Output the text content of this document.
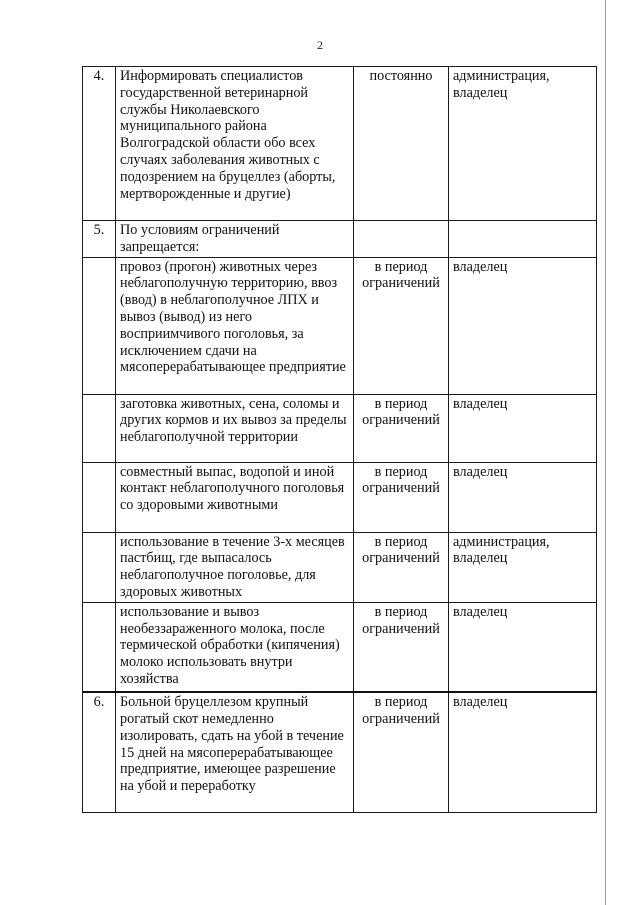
2
4.	Информировать специалистов государственной ветеринарной службы Николаевского муниципального района Волгоградской области обо всех случаях заболевания животных с подозрением на бруцеллез (аборты, мертворожденные и другие)	постоянно	администрация, владелец
5.	По условиям ограничений запрещается:		
	провоз (прогон) животных через неблагополучную территорию, ввоз (ввод) в неблагополучное ЛПХ и вывоз (вывод) из него восприимчивого поголовья, за исключением сдачи на мясоперерабатывающее предприятие	в период ограничений	владелец
	заготовка животных, сена, соломы и других кормов и их вывоз за пределы неблагополучной территории	в период ограничений	владелец
	совместный выпас, водопой и иной контакт неблагополучного поголовья со здоровыми животными	в период ограничений	владелец
	использование в течение 3-х месяцев пастбищ, где выпасалось неблагополучное поголовье, для здоровых животных	в период ограничений	администрация, владелец
	использование и вывоз необеззараженного молока, после термической обработки (кипячения) молоко использовать внутри хозяйства	в период ограничений	владелец
6.	Больной бруцеллезом крупный рогатый скот немедленно изолировать, сдать на убой в течение 15 дней на мясоперерабатывающее предприятие, имеющее разрешение на убой и переработку	в период ограничений	владелец
